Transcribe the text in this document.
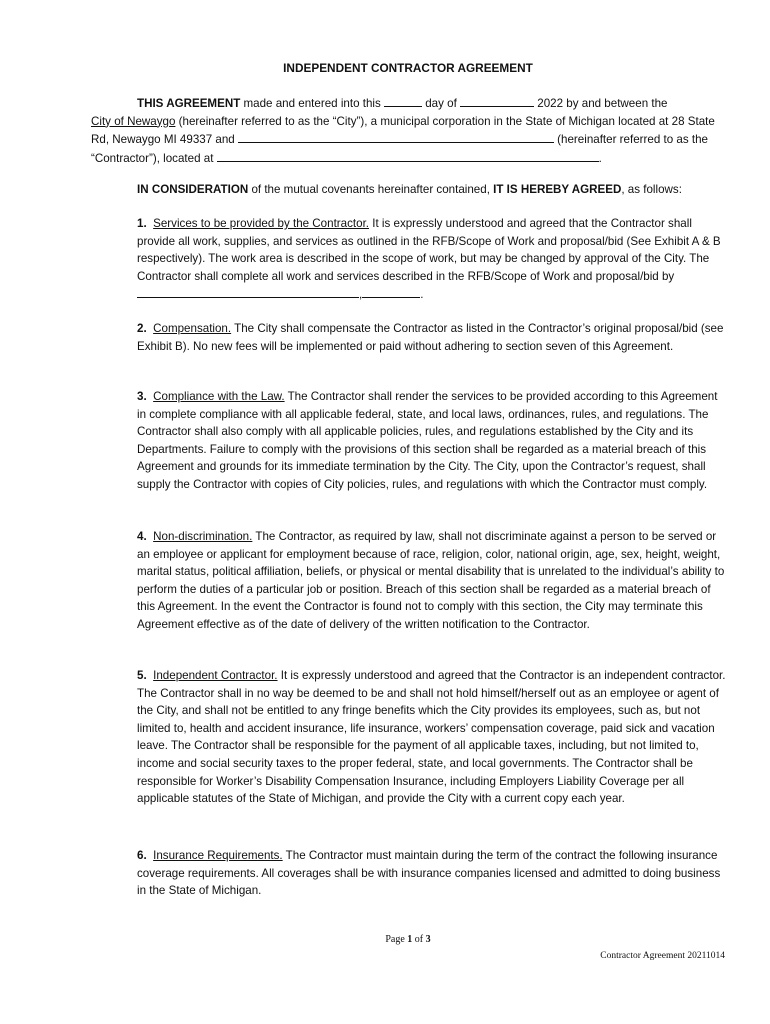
INDEPENDENT CONTRACTOR AGREEMENT

THIS AGREEMENT made and entered into this	day of	2022 by and between the

City of Newaygo (hereinafter referred to as the “City”), a municipal corporation in the State of Michigan located at 28 State Rd, Newaygo MI 49337 and	(hereinafter referred to as the “Contractor”), located at	.

IN CONSIDERATION of the mutual covenants hereinafter contained, IT IS HEREBY AGREED, as follows:

1. Services to be provided by the Contractor. It is expressly understood and agreed that the Contractor shall provide all work, supplies, and services as outlined in the RFB/Scope of Work and proposal/bid (See Exhibit A & B respectively). The work area is described in the scope of work, but may be changed by approval of the City. The Contractor shall complete all work and services described in the RFB/Scope of Work and proposal/bid by ,	.

2. Compensation. The City shall compensate the Contractor as listed in the Contractor’s original proposal/bid (see Exhibit B). No new fees will be implemented or paid without adhering to section seven of this Agreement.

3. Compliance with the Law. The Contractor shall render the services to be provided according to this Agreement in complete compliance with all applicable federal, state, and local laws, ordinances, rules, and regulations. The Contractor shall also comply with all applicable policies, rules, and regulations established by the City and its Departments. Failure to comply with the provisions of this section shall be regarded as a material breach of this Agreement and grounds for its immediate termination by the City. The City, upon the Contractor’s request, shall supply the Contractor with copies of City policies, rules, and regulations with which the Contractor must comply.

4. Non-discrimination. The Contractor, as required by law, shall not discriminate against a person to be served or an employee or applicant for employment because of race, religion, color, national origin, age, sex, height, weight, marital status, political affiliation, beliefs, or physical or mental disability that is unrelated to the individual’s ability to perform the duties of a particular job or position. Breach of this section shall be regarded as a material breach of this Agreement. In the event the Contractor is found not to comply with this section, the City may terminate this Agreement effective as of the date of delivery of the written notification to the Contractor.

5. Independent Contractor. It is expressly understood and agreed that the Contractor is an independent contractor. The Contractor shall in no way be deemed to be and shall not hold himself/herself out as an employee or agent of the City, and shall not be entitled to any fringe benefits which the City provides its employees, such as, but not limited to, health and accident insurance, life insurance, workers’ compensation coverage, paid sick and vacation leave. The Contractor shall be responsible for the payment of all applicable taxes, including, but not limited to, income and social security taxes to the proper federal, state, and local governments. The Contractor shall be responsible for Worker’s Disability Compensation Insurance, including Employers Liability Coverage per all applicable statutes of the State of Michigan, and provide the City with a current copy each year.

6. Insurance Requirements. The Contractor must maintain during the term of the contract the following insurance coverage requirements. All coverages shall be with insurance companies licensed and admitted to doing business in the State of Michigan.

Page 1 of 3
Contractor Agreement 20211014
